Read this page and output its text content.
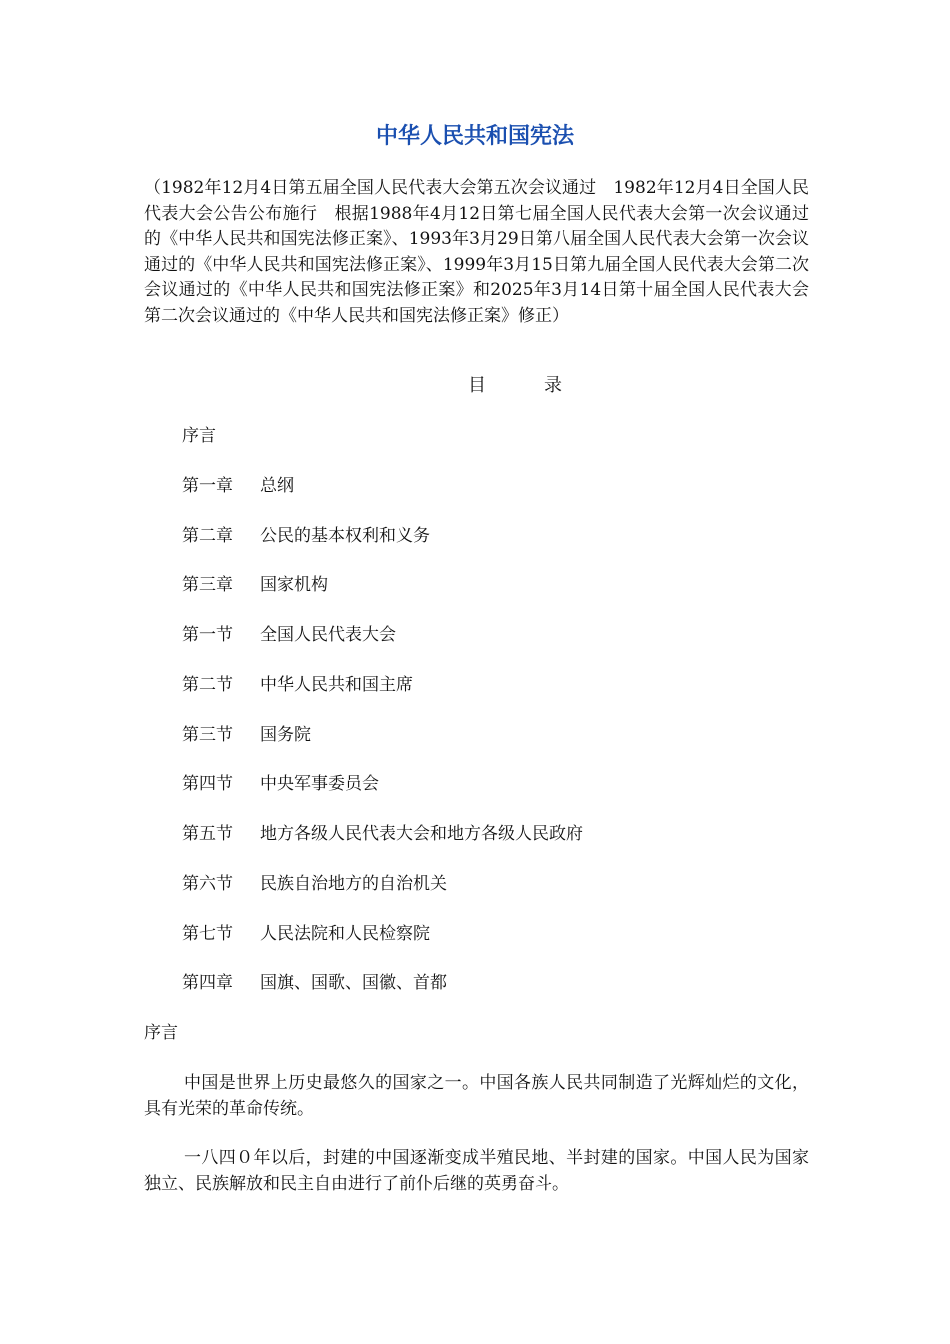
中华人民共和国宪法
（1982年12月4日第五届全国人民代表大会第五次会议通过　1982年12月4日全国人民代表大会公告公布施行　根据1988年4月12日第七届全国人民代表大会第一次会议通过的《中华人民共和国宪法修正案》、1993年3月29日第八届全国人民代表大会第一次会议通过的《中华人民共和国宪法修正案》、1999年3月15日第九届全国人民代表大会第二次会议通过的《中华人民共和国宪法修正案》和2025年3月14日第十届全国人民代表大会第二次会议通过的《中华人民共和国宪法修正案》修正）
目	录
序言
第一章 总纲
第二章 公民的基本权利和义务
第三章 国家机构
第一节 全国人民代表大会
第二节 中华人民共和国主席
第三节 国务院
第四节 中央军事委员会
第五节 地方各级人民代表大会和地方各级人民政府
第六节 民族自治地方的自治机关
第七节 人民法院和人民检察院
第四章 国旗、国歌、国徽、首都
序言
中国是世界上历史最悠久的国家之一。中国各族人民共同制造了光辉灿烂的文化，具有光荣的革命传统。
一八四０年以后，封建的中国逐渐变成半殖民地、半封建的国家。中国人民为国家独立、民族解放和民主自由进行了前仆后继的英勇奋斗。
